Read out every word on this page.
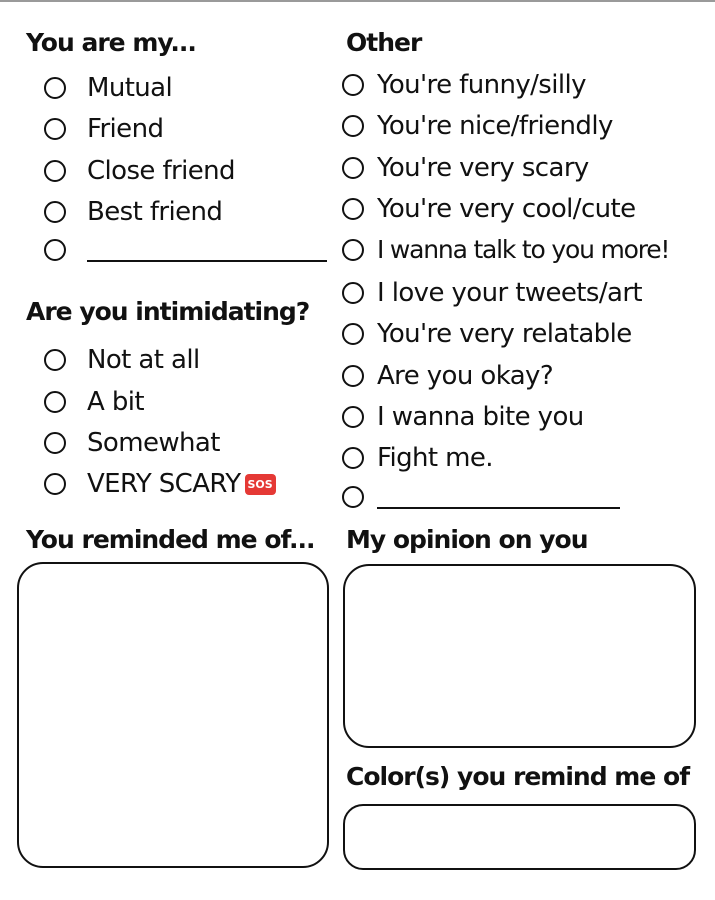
You are my...
Mutual
Friend
Close friend
Best friend
Are you intimidating?
Not at all
A bit
Somewhat
VERY SCARY SOS
Other
You're funny/silly
You're nice/friendly
You're very scary
You're very cool/cute
I wanna talk to you more!
I love your tweets/art
You're very relatable
Are you okay?
I wanna bite you
Fight me.
You reminded me of... My opinion on you
Color(s) you remind me of
